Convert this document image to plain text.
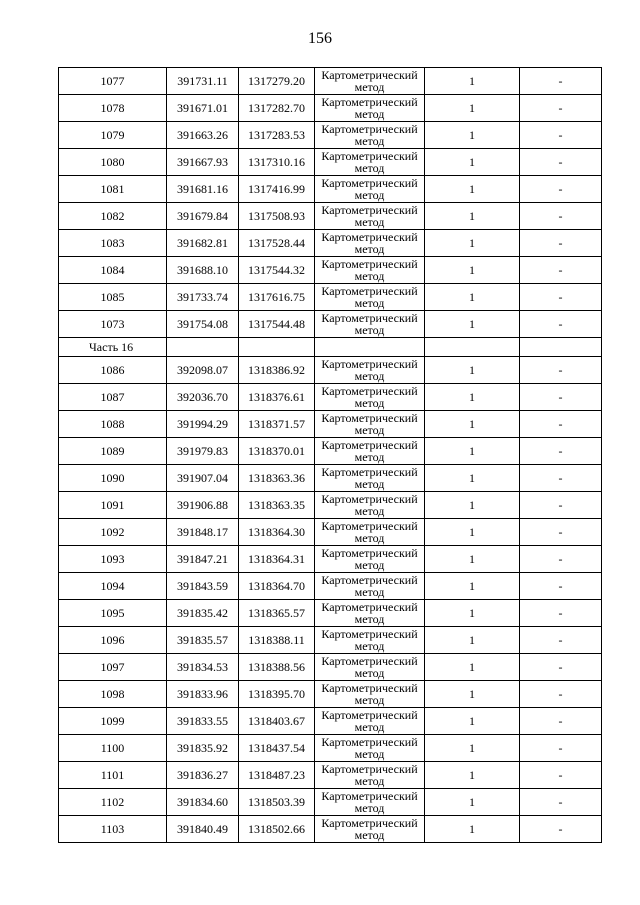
156
1077	391731.11	1317279.20	Картометрический метод	1	-
1078	391671.01	1317282.70	Картометрический метод	1	-
1079	391663.26	1317283.53	Картометрический метод	1	-
1080	391667.93	1317310.16	Картометрический метод	1	-
1081	391681.16	1317416.99	Картометрический метод	1	-
1082	391679.84	1317508.93	Картометрический метод	1	-
1083	391682.81	1317528.44	Картометрический метод	1	-
1084	391688.10	1317544.32	Картометрический метод	1	-
1085	391733.74	1317616.75	Картометрический метод	1	-
1073	391754.08	1317544.48	Картометрический метод	1	-
Часть 16					
1086	392098.07	1318386.92	Картометрический метод	1	-
1087	392036.70	1318376.61	Картометрический метод	1	-
1088	391994.29	1318371.57	Картометрический метод	1	-
1089	391979.83	1318370.01	Картометрический метод	1	-
1090	391907.04	1318363.36	Картометрический метод	1	-
1091	391906.88	1318363.35	Картометрический метод	1	-
1092	391848.17	1318364.30	Картометрический метод	1	-
1093	391847.21	1318364.31	Картометрический метод	1	-
1094	391843.59	1318364.70	Картометрический метод	1	-
1095	391835.42	1318365.57	Картометрический метод	1	-
1096	391835.57	1318388.11	Картометрический метод	1	-
1097	391834.53	1318388.56	Картометрический метод	1	-
1098	391833.96	1318395.70	Картометрический метод	1	-
1099	391833.55	1318403.67	Картометрический метод	1	-
1100	391835.92	1318437.54	Картометрический метод	1	-
1101	391836.27	1318487.23	Картометрический метод	1	-
1102	391834.60	1318503.39	Картометрический метод	1	-
1103	391840.49	1318502.66	Картометрический метод	1	-
